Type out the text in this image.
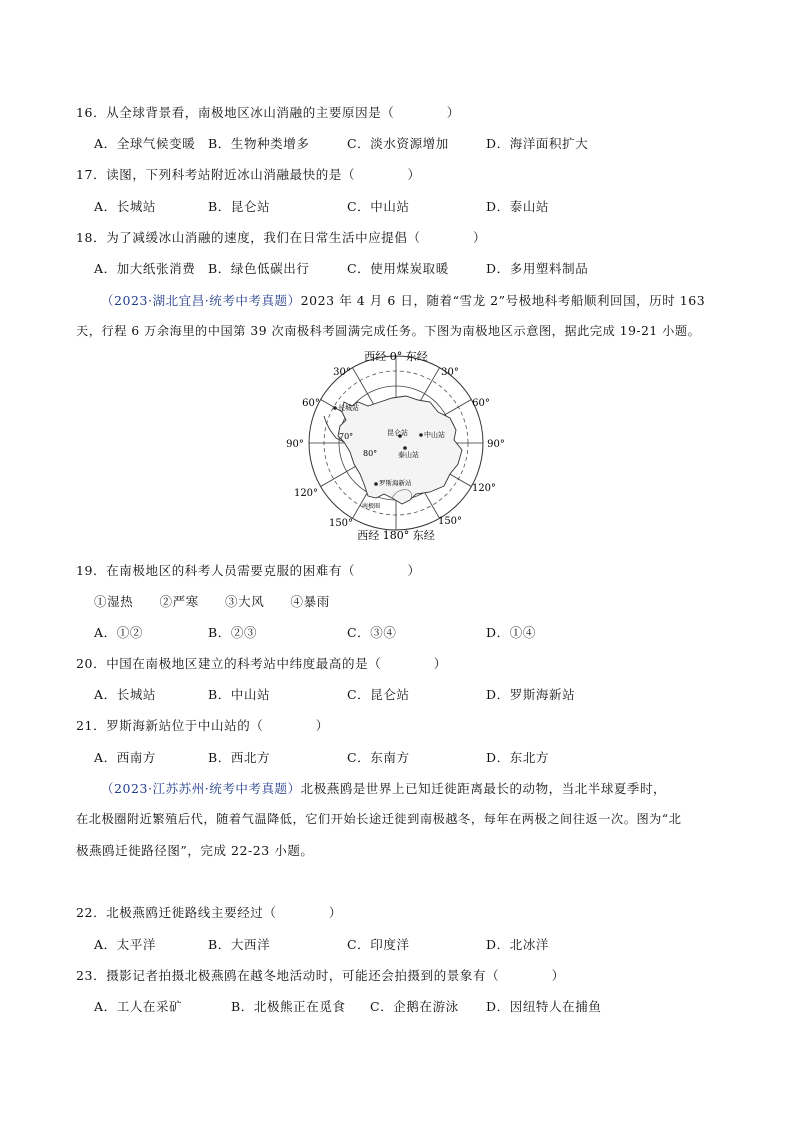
16．从全球背景看，南极地区冰山消融的主要原因是（　　　　）
A．全球气候变暖 B．生物种类增多	C．淡水资源增加	D．海洋面积扩大
17．读图，下列科考站附近冰山消融最快的是（　　　　）
A．长城站	B．昆仑站	C．中山站	D．泰山站
18．为了减缓冰山消融的速度，我们在日常生活中应提倡（　　　　）
A．加大纸张消费 B．绿色低碳出行	C．使用煤炭取暖	D．多用塑料制品
（2023·湖北宜昌·统考中考真题）2023 年 4 月 6 日，随着“雪龙 2”号极地科考船顺利回国，历时 163
天，行程 6 万余海里的中国第 39 次南极科考圆满完成任务。下图为南极地区示意图，据此完成 19-21 小题。
西经 0° 东经
西经 180° 东经
30°	30°
60°	60°
90°	90°
120°	120°
150°	150°
70°
80°
长城站
昆仑站 中山站
泰山站
罗斯海新站
南极圈
19．在南极地区的科考人员需要克服的困难有（　　　　）
①湿热　　②严寒　　③大风　　④暴雨
A．①②	B．②③	C．③④	D．①④
20．中国在南极地区建立的科考站中纬度最高的是（　　　　）
A．长城站	B．中山站	C．昆仑站	D．罗斯海新站
21．罗斯海新站位于中山站的（　　　　）
A．西南方	B．西北方	C．东南方	D．东北方
（2023·江苏苏州·统考中考真题）北极燕鸥是世界上已知迁徙距离最长的动物，当北半球夏季时，
在北极圈附近繁殖后代，随着气温降低，它们开始长途迁徙到南极越冬，每年在两极之间往返一次。图为“北
极燕鸥迁徙路径图”，完成 22-23 小题。
22．北极燕鸥迁徙路线主要经过（　　　　）
A．太平洋	B．大西洋	C．印度洋	D．北冰洋
23．摄影记者拍摄北极燕鸥在越冬地活动时，可能还会拍摄到的景象有（　　　　）
A．工人在采矿	B．北极熊正在觅食 C．企鹅在游泳 D．因纽特人在捕鱼
